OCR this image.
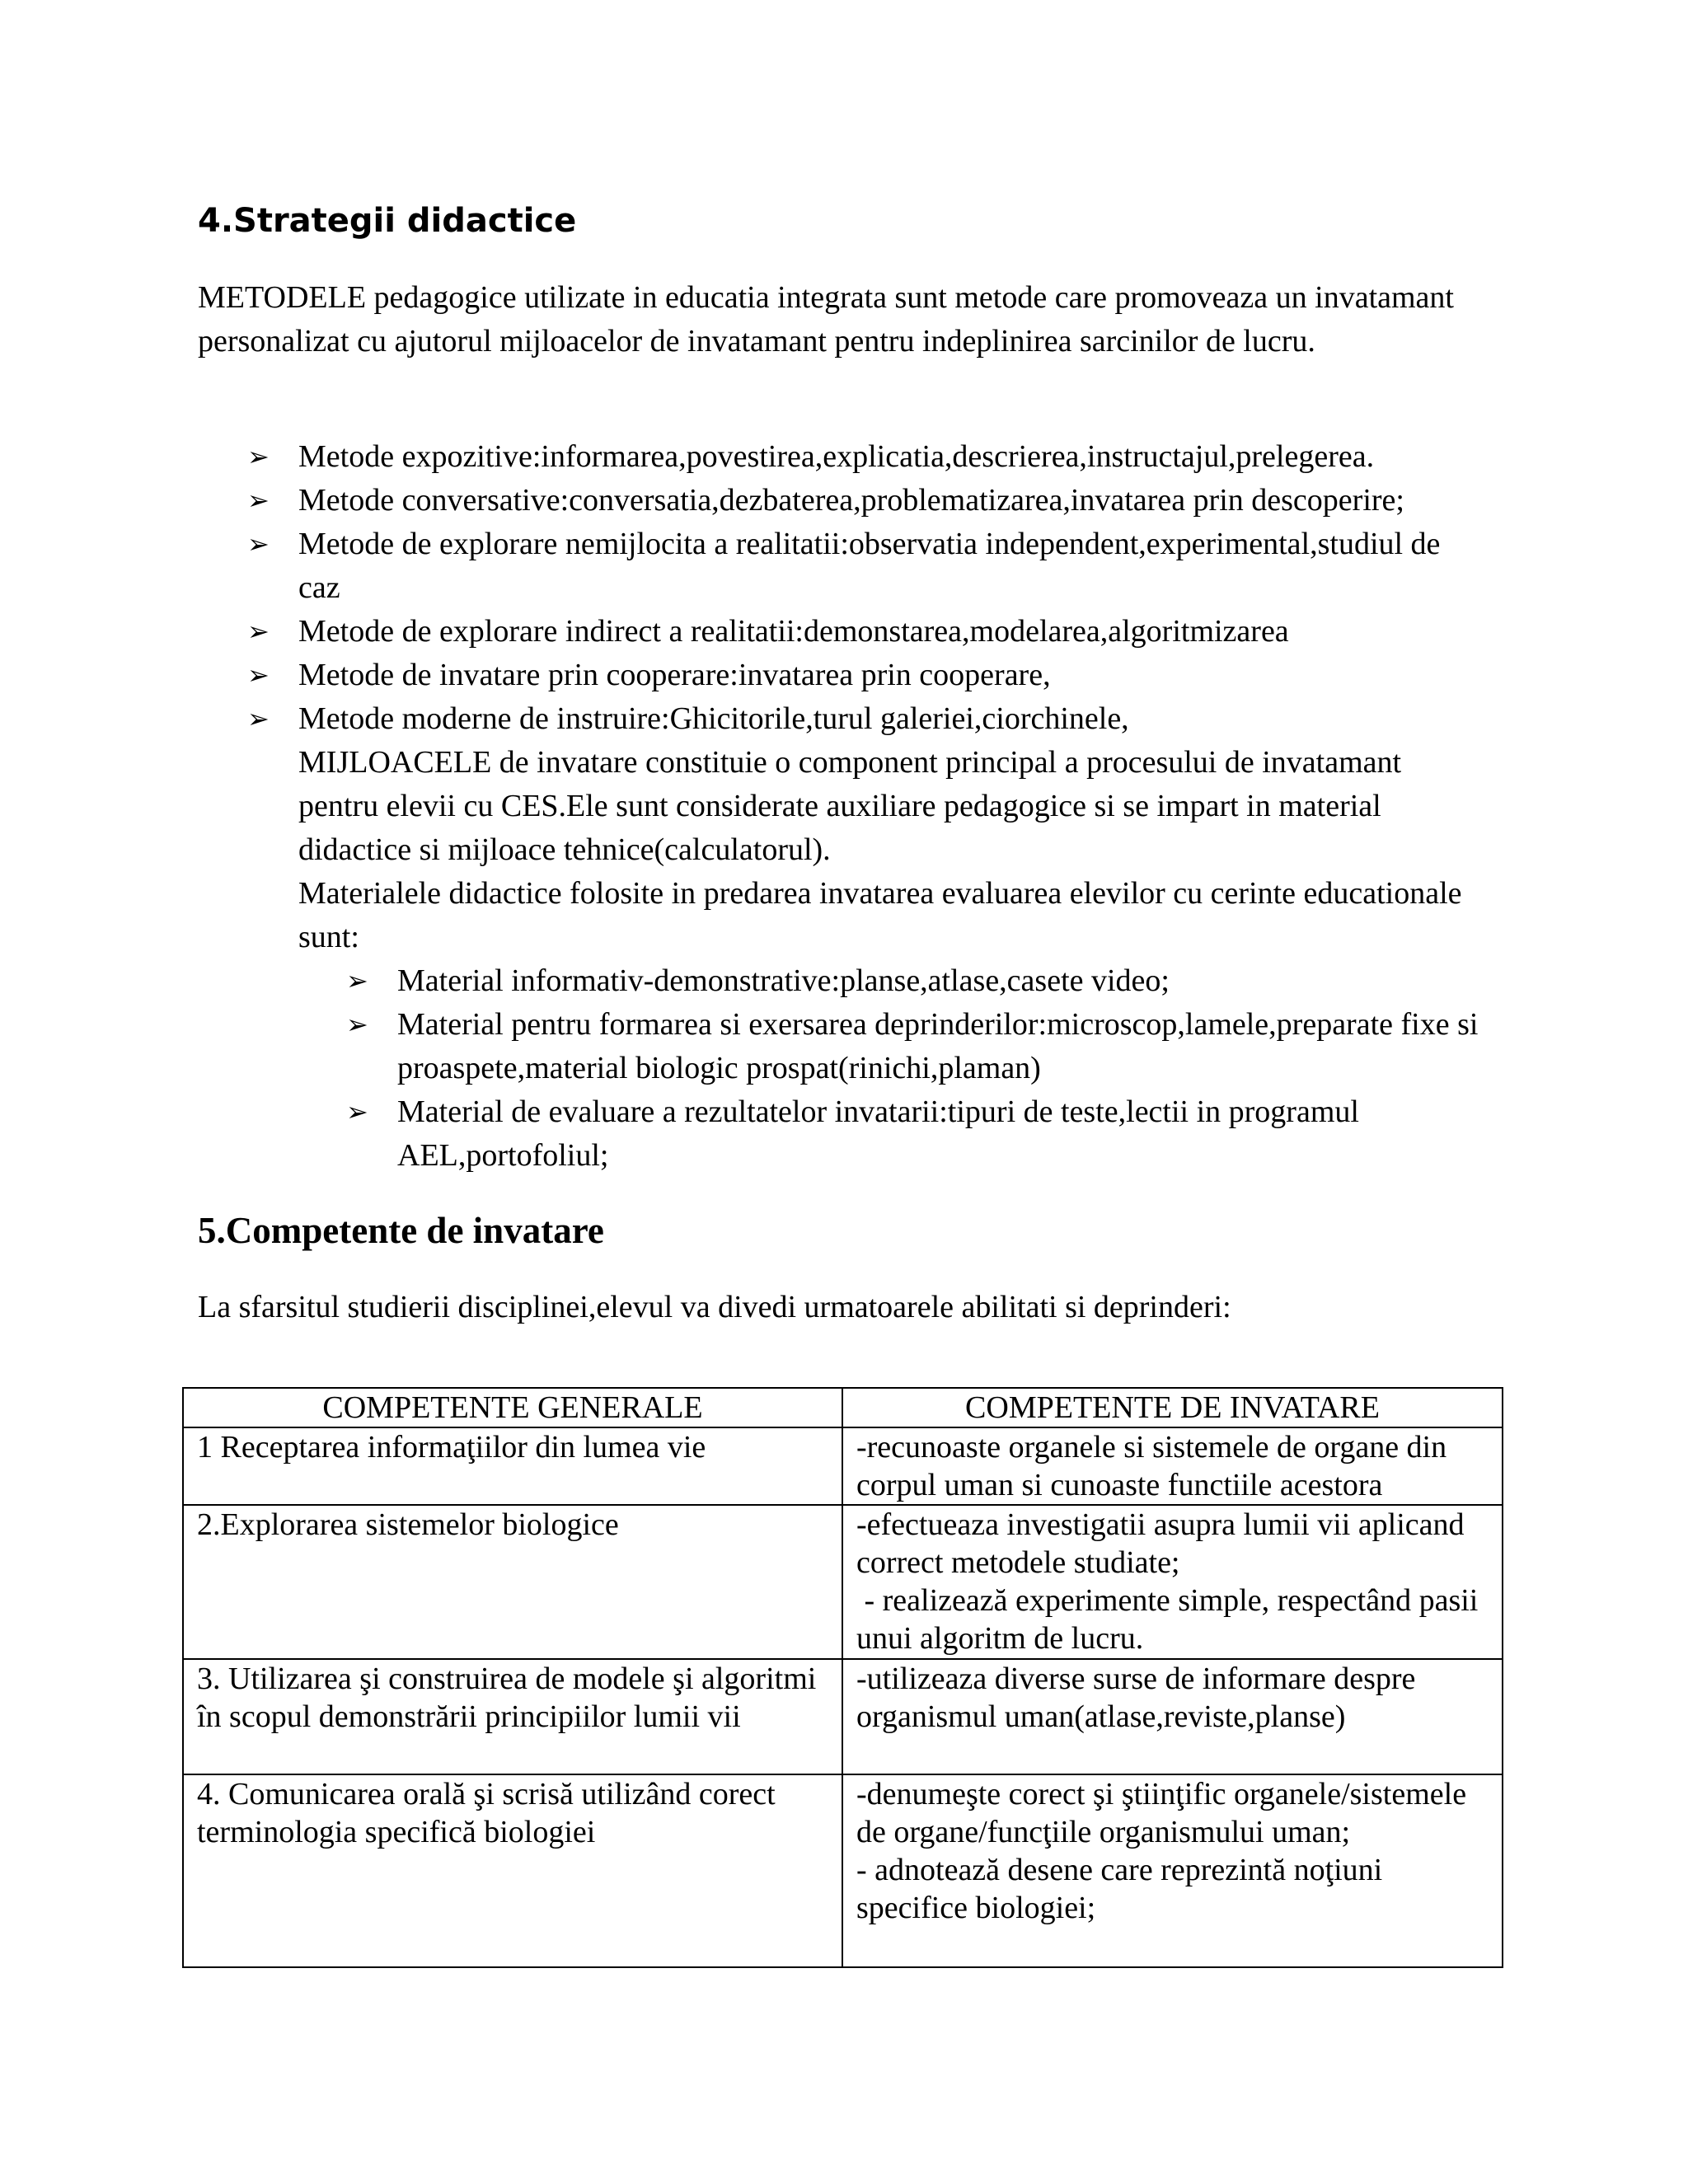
4.Strategii didactice
METODELE pedagogice utilizate in educatia integrata sunt metode care promoveaza un invatamant personalizat cu ajutorul mijloacelor de invatamant pentru indeplinirea sarcinilor de lucru.
➢ Metode expozitive:informarea,povestirea,explicatia,descrierea,instructajul,prelegerea.
➢ Metode conversative:conversatia,dezbaterea,problematizarea,invatarea prin descoperire;
➢ Metode de explorare nemijlocita a realitatii:observatia independent,experimental,studiul de caz
➢ Metode de explorare indirect a realitatii:demonstarea,modelarea,algoritmizarea
➢ Metode de invatare prin cooperare:invatarea prin cooperare,
➢ Metode moderne de instruire:Ghicitorile,turul galeriei,ciorchinele,
MIJLOACELE de invatare constituie o component principal a procesului de invatamant pentru elevii cu CES.Ele sunt considerate auxiliare pedagogice si se impart in material didactice si mijloace tehnice(calculatorul).
Materialele didactice folosite in predarea invatarea evaluarea elevilor cu cerinte educationale sunt:
➢ Material informativ-demonstrative:planse,atlase,casete video;
➢ Material pentru formarea si exersarea deprinderilor:microscop,lamele,preparate fixe si proaspete,material biologic prospat(rinichi,plaman)
➢ Material de evaluare a rezultatelor invatarii:tipuri de teste,lectii in programul AEL,portofoliul;
5.Competente de invatare
La sfarsitul studierii disciplinei,elevul va divedi urmatoarele abilitati si deprinderi:
COMPETENTE GENERALE	COMPETENTE DE INVATARE
1 Receptarea informaţiilor din lumea vie	-recunoaste organele si sistemele de organe din corpul uman si cunoaste functiile acestora

2.Explorarea sistemelor biologice	-efectueaza investigatii asupra lumii vii aplicand correct metodele studiate;
- realizează experimente simple, respectând pasii unui algoritm de lucru.

3. Utilizarea şi construirea de modele şi algoritmi în scopul demonstrării principiilor lumii vii	-utilizeaza diverse surse de informare despre organismul uman(atlase,reviste,planse)

4. Comunicarea orală şi scrisă utilizând corect terminologia specifică biologiei	-denumeşte corect şi ştiinţific organele/sistemele de organe/funcţiile organismului uman;
- adnotează desene care reprezintă noţiuni specifice biologiei;
